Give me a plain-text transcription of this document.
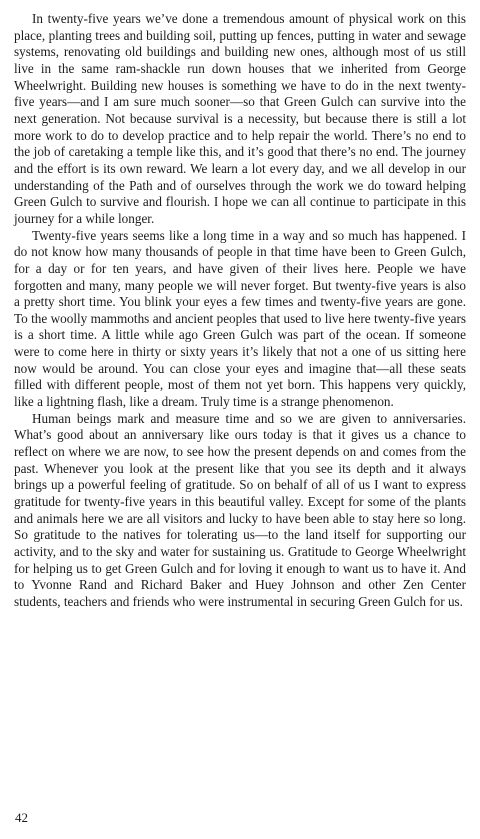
In twenty-five years we’ve done a tremendous amount of physical work on this place, planting trees and building soil, putting up fences, putting in water and sewage systems, renovating old buildings and building new ones, although most of us still live in the same ram-shackle run down houses that we inherited from George Wheelwright. Building new houses is something we have to do in the next twenty-five years—and I am sure much sooner—so that Green Gulch can survive into the next generation. Not because survival is a necessity, but because there is still a lot more work to do to develop practice and to help repair the world. There’s no end to the job of caretaking a temple like this, and it’s good that there’s no end. The journey and the effort is its own reward. We learn a lot every day, and we all develop in our understanding of the Path and of ourselves through the work we do toward helping Green Gulch to survive and flourish. I hope we can all continue to participate in this journey for a while longer.

Twenty-five years seems like a long time in a way and so much has happened. I do not know how many thousands of people in that time have been to Green Gulch, for a day or for ten years, and have given of their lives here. People we have forgotten and many, many people we will never forget. But twenty-five years is also a pretty short time. You blink your eyes a few times and twenty-five years are gone. To the woolly mammoths and ancient peoples that used to live here twenty-five years is a short time. A little while ago Green Gulch was part of the ocean. If someone were to come here in thirty or sixty years it’s likely that not a one of us sitting here now would be around. You can close your eyes and imagine that—all these seats filled with different people, most of them not yet born. This happens very quickly, like a lightning flash, like a dream. Truly time is a strange phenomenon.

Human beings mark and measure time and so we are given to anniversaries. What’s good about an anniversary like ours today is that it gives us a chance to reflect on where we are now, to see how the present depends on and comes from the past. Whenever you look at the present like that you see its depth and it always brings up a powerful feeling of gratitude. So on behalf of all of us I want to express gratitude for twenty-five years in this beautiful valley. Except for some of the plants and animals here we are all visitors and lucky to have been able to stay here so long. So gratitude to the natives for tolerating us—to the land itself for supporting our activity, and to the sky and water for sustaining us. Gratitude to George Wheelwright for helping us to get Green Gulch and for loving it enough to want us to have it. And to Yvonne Rand and Richard Baker and Huey Johnson and other Zen Center students, teachers and friends who were instrumental in securing Green Gulch for us.

42
